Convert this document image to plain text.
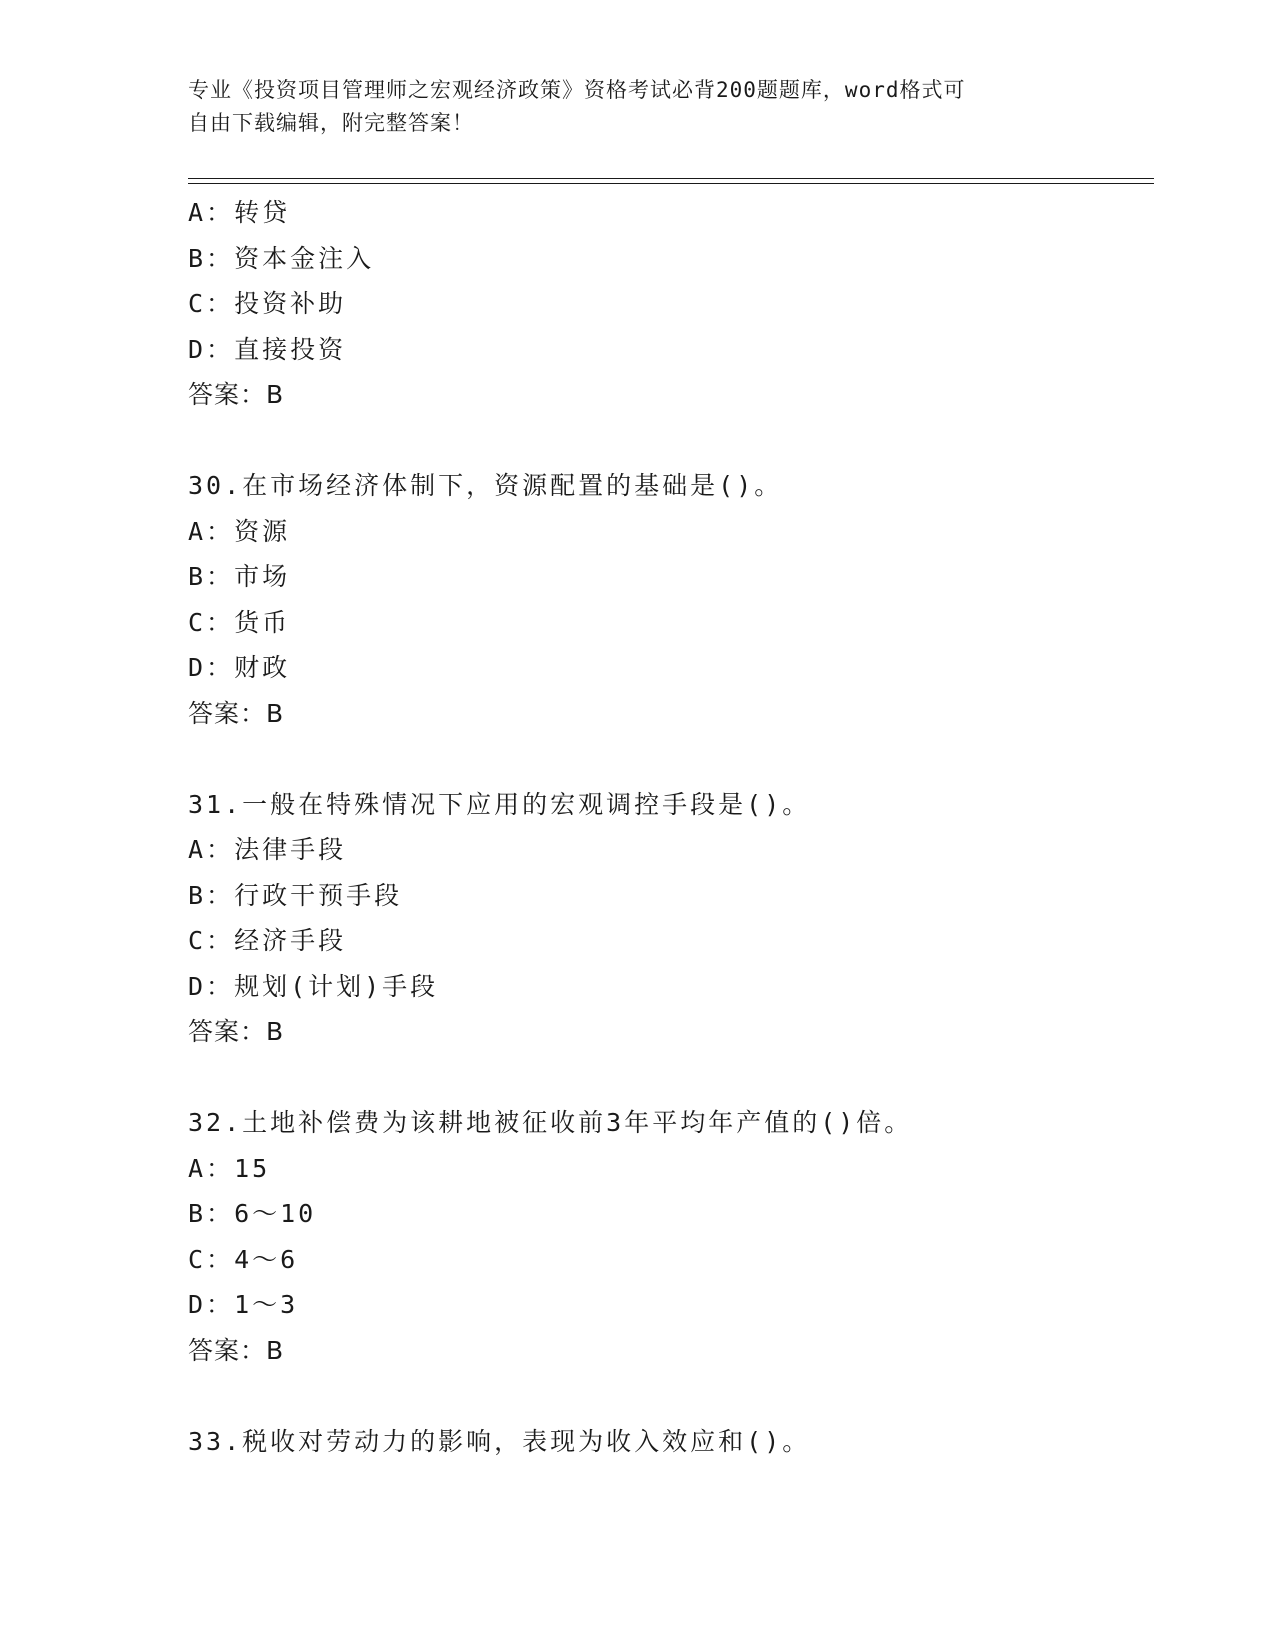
专业《投资项目管理师之宏观经济政策》资格考试必背200题题库，word格式可
自由下载编辑，附完整答案！
A：转贷
B：资本金注入
C：投资补助
D：直接投资
答案：B
30.在市场经济体制下，资源配置的基础是()。
A：资源
B：市场
C：货币
D：财政
答案：B
31.一般在特殊情况下应用的宏观调控手段是()。
A：法律手段
B：行政干预手段
C：经济手段
D：规划(计划)手段
答案：B
32.土地补偿费为该耕地被征收前3年平均年产值的()倍。
A：15
B：6～10
C：4～6
D：1～3
答案：B
33.税收对劳动力的影响，表现为收入效应和()。
